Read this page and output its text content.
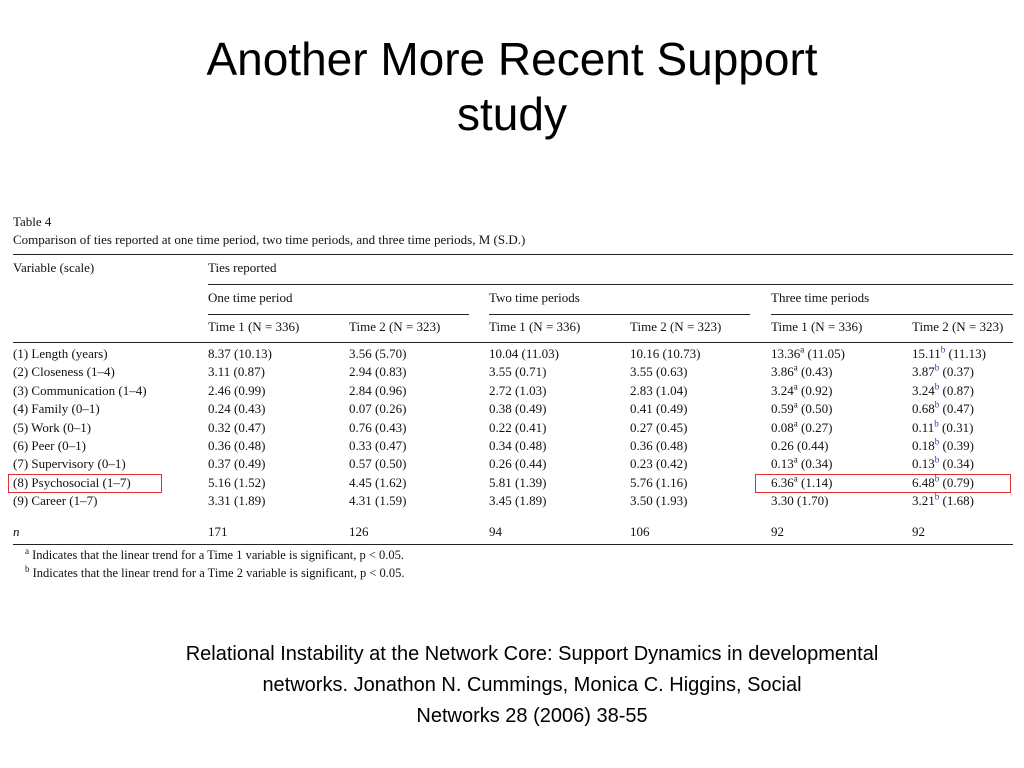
Another More Recent Support
study
Table 4
Comparison of ties reported at one time period, two time periods, and three time periods, M (S.D.)
Variable (scale)	Ties reported
One time period	Two time periods	Three time periods
Time 1 (N = 336)	Time 2 (N = 323)	Time 1 (N = 336)	Time 2 (N = 323)	Time 1 (N = 336)	Time 2 (N = 323)
(1) Length (years)	8.37 (10.13)	3.56 (5.70)	10.04 (11.03)	10.16 (10.73)	13.36$^a$ (11.05)	15.11$^b$ (11.13)
(2) Closeness (1–4)	3.11 (0.87)	2.94 (0.83)	3.55 (0.71)	3.55 (0.63)	3.86$^a$ (0.43)	3.87$^b$ (0.37)
(3) Communication (1–4)	2.46 (0.99)	2.84 (0.96)	2.72 (1.03)	2.83 (1.04)	3.24$^a$ (0.92)	3.24$^b$ (0.87)
(4) Family (0–1)	0.24 (0.43)	0.07 (0.26)	0.38 (0.49)	0.41 (0.49)	0.59$^a$ (0.50)	0.68$^b$ (0.47)
(5) Work (0–1)	0.32 (0.47)	0.76 (0.43)	0.22 (0.41)	0.27 (0.45)	0.08$^a$ (0.27)	0.11$^b$ (0.31)
(6) Peer (0–1)	0.36 (0.48)	0.33 (0.47)	0.34 (0.48)	0.36 (0.48)	0.26 (0.44)	0.18$^b$ (0.39)
(7) Supervisory (0–1)	0.37 (0.49)	0.57 (0.50)	0.26 (0.44)	0.23 (0.42)	0.13$^a$ (0.34)	0.13$^b$ (0.34)
(8) Psychosocial (1–7)	5.16 (1.52)	4.45 (1.62)	5.81 (1.39)	5.76 (1.16)	6.36$^a$ (1.14)	6.48$^b$ (0.79)
(9) Career (1–7)	3.31 (1.89)	4.31 (1.59)	3.45 (1.89)	3.50 (1.93)	3.30 (1.70)	3.21$^b$ (1.68)
n	171	126	94	106	92	92
$^a$ Indicates that the linear trend for a Time 1 variable is significant, p < 0.05.
$^b$ Indicates that the linear trend for a Time 2 variable is significant, p < 0.05.
Relational Instability at the Network Core: Support Dynamics in developmental
networks. Jonathon N. Cummings, Monica C. Higgins, Social
Networks 28 (2006) 38-55
